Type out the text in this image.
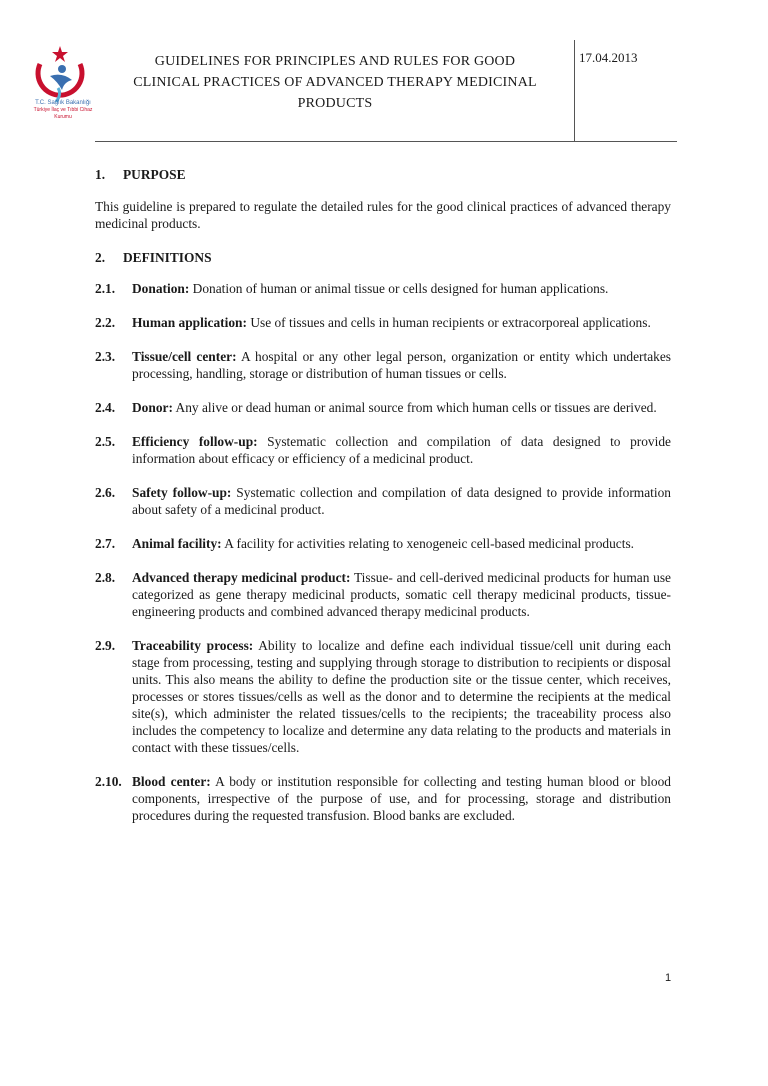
GUIDELINES FOR PRINCIPLES AND RULES FOR GOOD
CLINICAL PRACTICES OF ADVANCED THERAPY MEDICINAL
PRODUCTS
17.04.2013
T.C. Sağlık Bakanlığı
Türkiye İlaç ve Tıbbi Cihaz Kurumu

1. PURPOSE

This guideline is prepared to regulate the detailed rules for the good clinical practices of advanced therapy medicinal products.

2. DEFINITIONS

2.1.	Donation: Donation of human or animal tissue or cells designed for human applications.
2.2.	Human application: Use of tissues and cells in human recipients or extracorporeal applications.
2.3.	Tissue/cell center: A hospital or any other legal person, organization or entity which undertakes processing, handling, storage or distribution of human tissues or cells.
2.4.	Donor: Any alive or dead human or animal source from which human cells or tissues are derived.
2.5.	Efficiency follow-up: Systematic collection and compilation of data designed to provide information about efficacy or efficiency of a medicinal product.
2.6.	Safety follow-up: Systematic collection and compilation of data designed to provide information about safety of a medicinal product.
2.7.	Animal facility: A facility for activities relating to xenogeneic cell-based medicinal products.
2.8.	Advanced therapy medicinal product: Tissue- and cell-derived medicinal products for human use categorized as gene therapy medicinal products, somatic cell therapy medicinal products, tissue-engineering products and combined advanced therapy medicinal products.
2.9.	Traceability process: Ability to localize and define each individual tissue/cell unit during each stage from processing, testing and supplying through storage to distribution to recipients or disposal units. This also means the ability to define the production site or the tissue center, which receives, processes or stores tissues/cells as well as the donor and to determine the recipients at the medical site(s), which administer the related tissues/cells to the recipients; the traceability process also includes the competency to localize and determine any data relating to the products and materials in contact with these tissues/cells.
2.10. Blood center: A body or institution responsible for collecting and testing human blood or blood components, irrespective of the purpose of use, and for processing, storage and distribution procedures during the requested transfusion. Blood banks are excluded.
1
